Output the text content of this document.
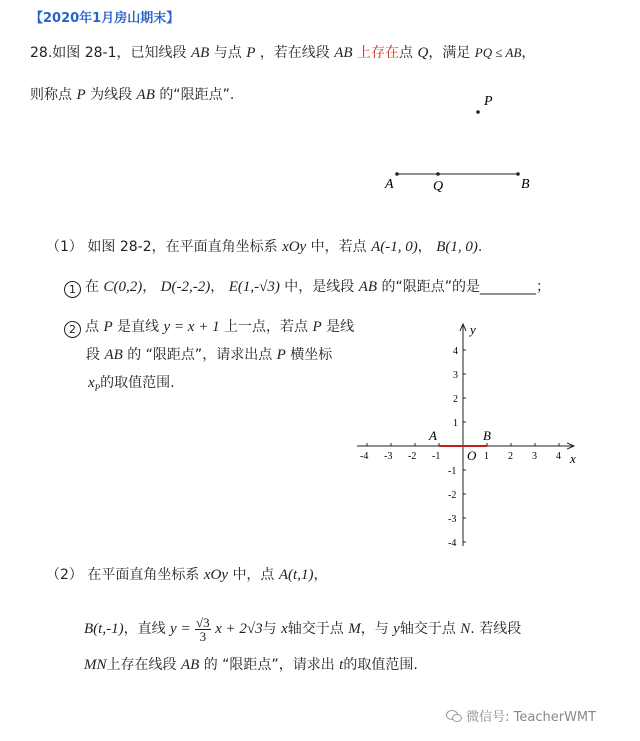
【2020年1月房山期末】
28.如图 28-1，已知线段 AB 与点 P ，若在线段 AB 上存在点 Q，满足 PQ ≤ AB，
则称点 P 为线段 AB 的“限距点”.	P
A	Q	B
（1） 如图 28-2，在平面直角坐标系 xOy 中，若点 A(-1, 0)， B(1, 0).
1 在 C(0,2)， D(-2,-2)， E(1,-√3) 中，是线段 AB 的“限距点”的是________；
2 点 P 是直线 y = x + 1 上一点，若点 P 是线
段 AB 的 “限距点”，请求出点 P 横坐标
$x_P$的取值范围.
-4 -3 -2 -1	1 2 3 4
4
3
2
1
-1
-2
-3
-4
x
y
O
A	B
（2） 在平面直角坐标系 xOy 中，点 A(t,1)，
B(t,-1)，直线 $y = \frac{√3}{3}$ x + 2√3与 x轴交于点 M，与 y轴交于点 N. 若线段
MN上存在线段 AB 的 “限距点”，请求出 t的取值范围.
微信号: TeacherWMT
